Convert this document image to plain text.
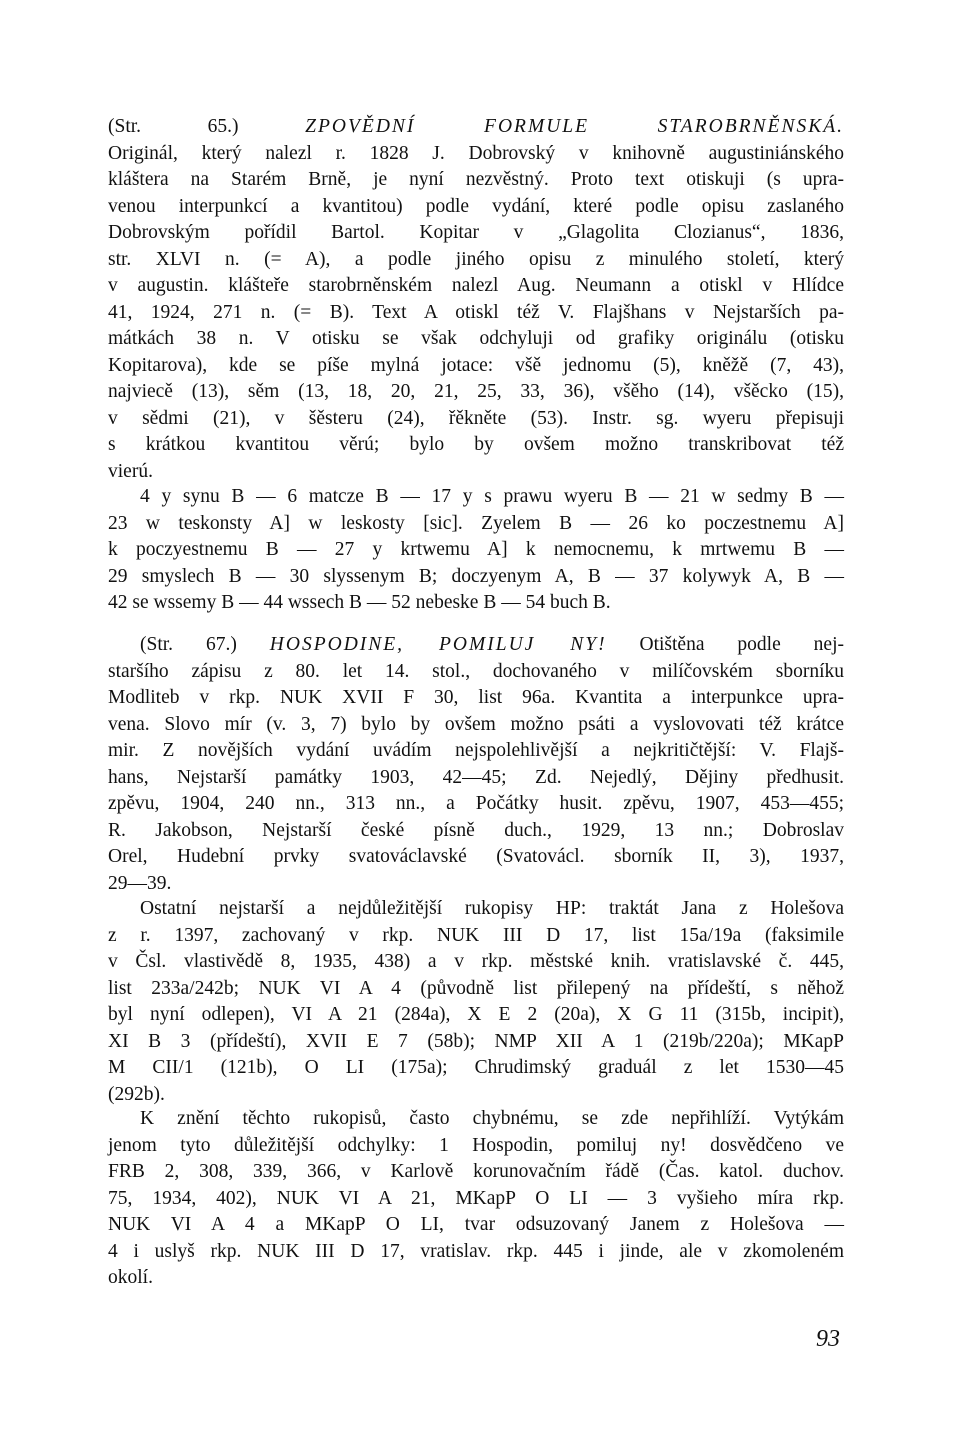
(Str. 65.) ZPOVĚDNÍ FORMULE STAROBRNĚNSKÁ.
Originál, který nalezl r. 1828 J. Dobrovský v knihovně augustiniánského
kláštera na Starém Brně, je nyní nezvěstný. Proto text otiskuji (s upra-
venou interpunkcí a kvantitou) podle vydání, které podle opisu zaslaného
Dobrovským pořídil Bartol. Kopitar v „Glagolita Clozianus“, 1836,
str. XLVI n. (= A), a podle jiného opisu z minulého století, který
v augustin. klášteře starobrněnském nalezl Aug. Neumann a otiskl v Hlídce
41, 1924, 271 n. (= B). Text A otiskl též V. Flajšhans v Nejstarších pa-
mátkách 38 n. V otisku se však odchyluji od grafiky originálu (otisku
Kopitarova), kde se píše mylná jotace: všě jednomu (5), kněžě (7, 43),
najviecě (13), sěm (13, 18, 20, 21, 25, 33, 36), všěho (14), všěcko (15),
v sědmi (21), v šěsteru (24), řěkněte (53). Instr. sg. wyeru přepisuji
s krátkou kvantitou věrú; bylo by ovšem možno transkribovat též
vierú.
4 y synu B — 6 matcze B — 17 y s prawu wyeru B — 21 w sedmy B —
23 w teskonsty A] w leskosty [sic]. Zyelem B — 26 ko poczestnemu A]
k poczyestnemu B — 27 y krtwemu A] k nemocnemu, k mrtwemu B —
29 smyslech B — 30 slyssenym B; doczyenym A, B — 37 kolywyk A, B —
42 se wssemy B — 44 wssech B — 52 nebeske B — 54 buch B.
(Str. 67.) HOSPODINE, POMILUJ NY! Otištěna podle nej-
staršího zápisu z 80. let 14. stol., dochovaného v milíčovském sborníku
Modliteb v rkp. NUK XVII F 30, list 96a. Kvantita a interpunkce upra-
vena. Slovo mír (v. 3, 7) bylo by ovšem možno psáti a vyslovovati též krátce
mir. Z novějších vydání uvádím nejspolehlivější a nejkritičtější: V. Flajš-
hans, Nejstarší památky 1903, 42—45; Zd. Nejedlý, Dějiny předhusit.
zpěvu, 1904, 240 nn., 313 nn., a Počátky husit. zpěvu, 1907, 453—455;
R. Jakobson, Nejstarší české písně duch., 1929, 13 nn.; Dobroslav
Orel, Hudební prvky svatováclavské (Svatovácl. sborník II, 3), 1937,
29—39.
Ostatní nejstarší a nejdůležitější rukopisy HP: traktát Jana z Holešova
z r. 1397, zachovaný v rkp. NUK III D 17, list 15a/19a (faksimile
v Čsl. vlastivědě 8, 1935, 438) a v rkp. městské knih. vratislavské č. 445,
list 233a/242b; NUK VI A 4 (původně list přilepený na přídeští, s něhož
byl nyní odlepen), VI A 21 (284a), X E 2 (20a), X G 11 (315b, incipit),
XI B 3 (přídeští), XVII E 7 (58b); NMP XII A 1 (219b/220a); MKapP
M CII/1 (121b), O LI (175a); Chrudimský graduál z let 1530—45
(292b).
K znění těchto rukopisů, často chybnému, se zde nepřihlíží. Vytýkám
jenom tyto důležitější odchylky: 1 Hospodin, pomiluj ny! dosvědčeno ve
FRB 2, 308, 339, 366, v Karlově korunovačním řádě (Čas. katol. duchov.
75, 1934, 402), NUK VI A 21, MKapP O LI — 3 vyšieho míra rkp.
NUK VI A 4 a MKapP O LI, tvar odsuzovaný Janem z Holešova —
4 i uslyš rkp. NUK III D 17, vratislav. rkp. 445 i jinde, ale v zkomoleném
okolí.
93
